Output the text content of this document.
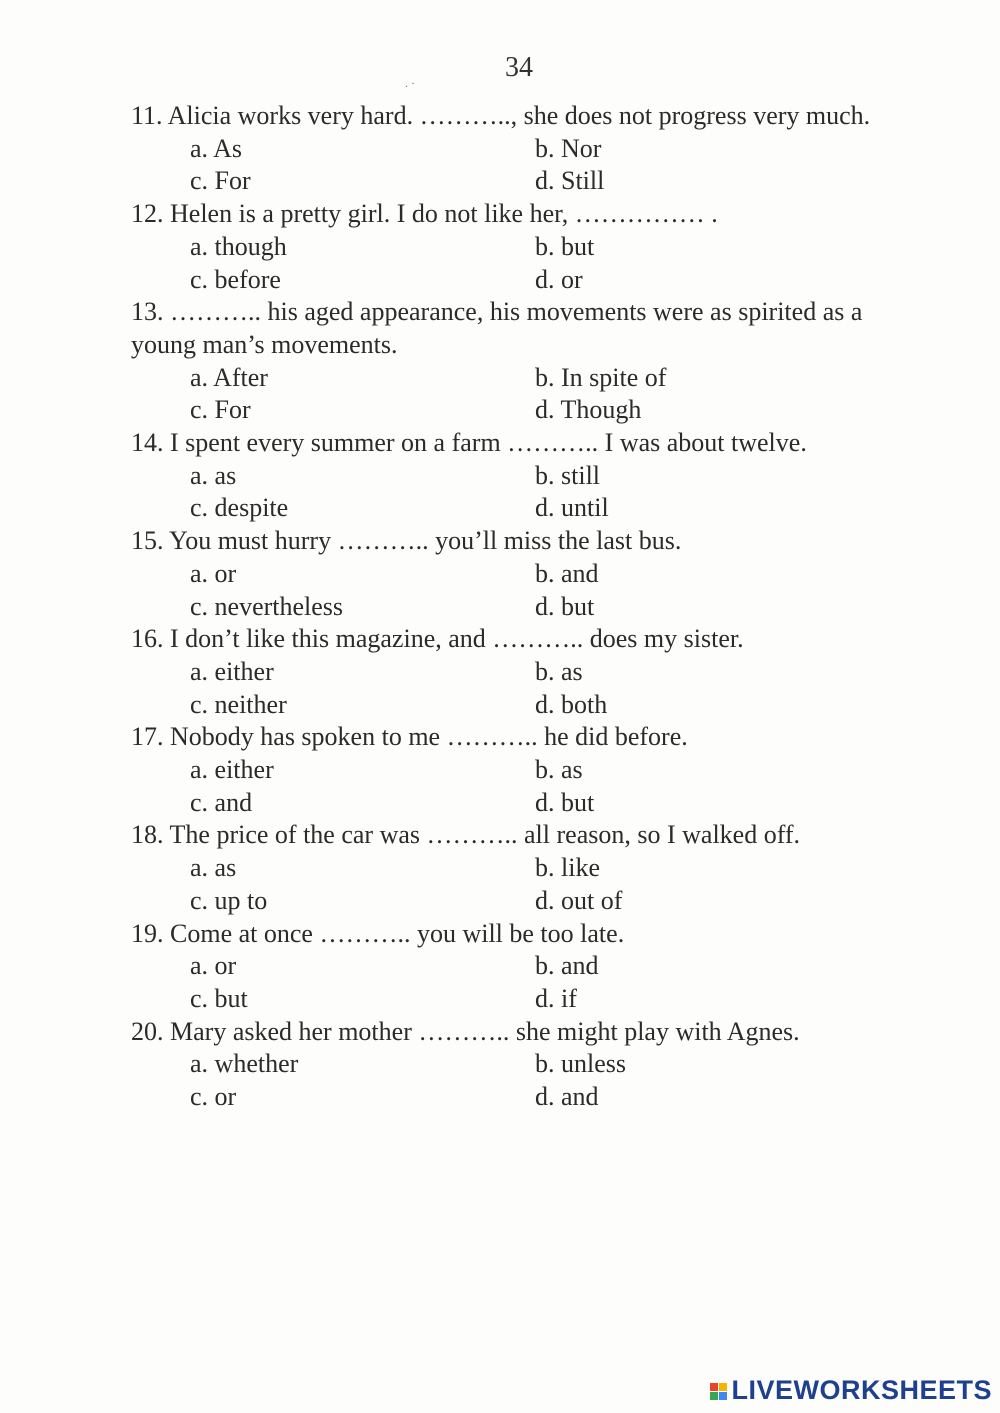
. ·	34

11. Alicia works very hard. ……….., she does not progress very much.

a. As	b. Nor
c. For	d. Still

12. Helen is a pretty girl. I do not like her, …………… .

a. though	b. but
c. before	d. or

13. ……….. his aged appearance, his movements were as spirited as a young man’s movements.

a. After	b. In spite of
c. For	d. Though

14. I spent every summer on a farm ……….. I was about twelve.

a. as	b. still
c. despite	d. until

15. You must hurry ……….. you’ll miss the last bus.

a. or	b. and
c. nevertheless	d. but

16. I don’t like this magazine, and ……….. does my sister.

a. either	b. as
c. neither	d. both

17. Nobody has spoken to me ……….. he did before.

a. either	b. as
c. and	d. but

18. The price of the car was ……….. all reason, so I walked off.

a. as	b. like
c. up to	d. out of

19. Come at once ……….. you will be too late.

a. or	b. and
c. but	d. if

20. Mary asked her mother ……….. she might play with Agnes.

a. whether	b. unless
c. or	d. and
LIVEWORKSHEETS
